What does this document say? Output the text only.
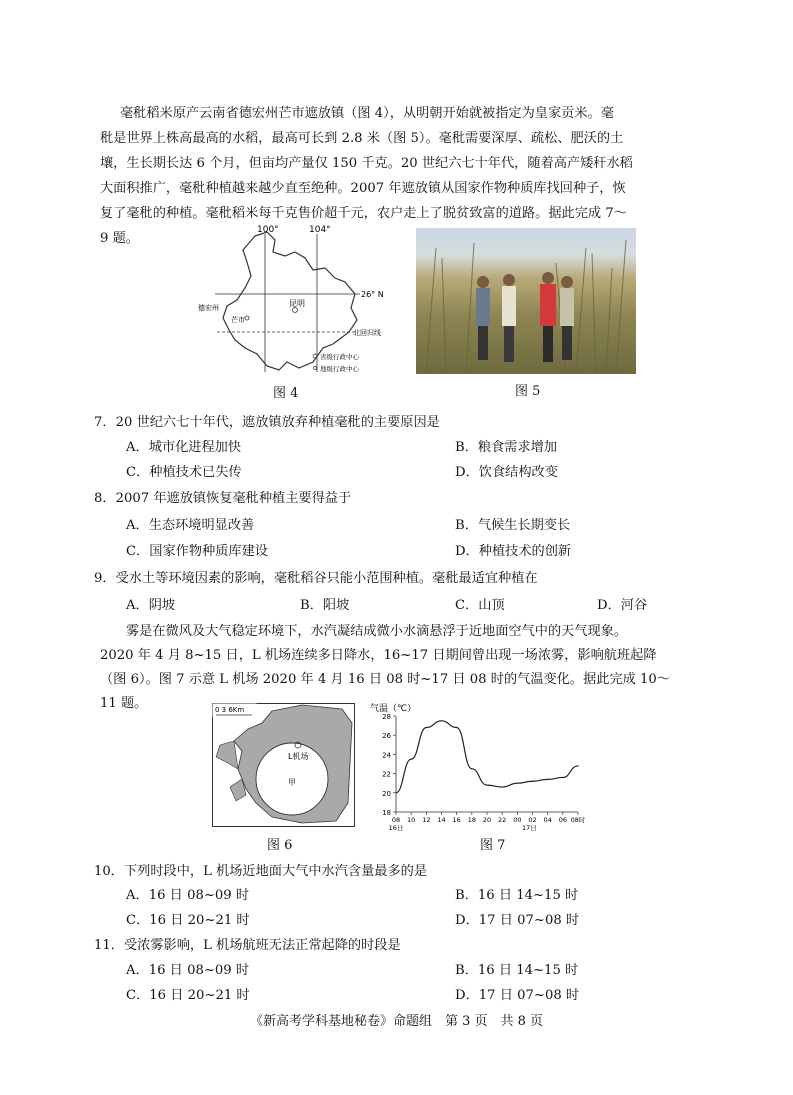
毫秕稻米原产云南省德宏州芒市遮放镇（图 4），从明朝开始就被指定为皇家贡米。毫
秕是世界上株高最高的水稻，最高可长到 2.8 米（图 5）。毫秕需要深厚、疏松、肥沃的土
壤，生长期长达 6 个月，但亩均产量仅 150 千克。20 世纪六七十年代，随着高产矮秆水稻
大面积推广，毫秕种植越来越少直至绝种。2007 年遮放镇从国家作物种质库找回种子，恢
复了毫秕的种植。毫秕稻米每千克售价超千元，农户走上了脱贫致富的道路。据此完成 7～
9 题。
100°	104°
26° N
昆明
德宏州
芒市
北回归线
省级行政中心
地级行政中心
图 4	图 5
7．20 世纪六七十年代，遮放镇放弃种植毫秕的主要原因是
A．城市化进程加快	B．粮食需求增加
C．种植技术已失传	D．饮食结构改变
8．2007 年遮放镇恢复毫秕种植主要得益于
A．生态环境明显改善	B．气候生长期变长
C．国家作物种质库建设	D．种植技术的创新
9．受水土等环境因素的影响，毫秕稻谷只能小范围种植。毫秕最适宜种植在
A．阴坡	B．阳坡	C．山顶	D．河谷
雾是在微风及大气稳定环境下，水汽凝结成微小水滴悬浮于近地面空气中的天气现象。
2020 年 4 月 8~15 日，L 机场连续多日降水，16~17 日期间曾出现一场浓雾，影响航班起降
（图 6）。图 7 示意 L 机场 2020 年 4 月 16 日 08 时~17 日 08 时的气温变化。据此完成 10～
11 题。	0 3 6Km
L机场
甲
图 6
气温（℃）
18
20
22
24
26
28
08 10 12 14 16 18 20 22 00 02 04 06 08时
16日	17日
图 7
10．下列时段中，L 机场近地面大气中水汽含量最多的是
A．16 日 08~09 时	B．16 日 14~15 时
C．16 日 20~21 时	D．17 日 07~08 时
11．受浓雾影响，L 机场航班无法正常起降的时段是
A．16 日 08~09 时	B．16 日 14~15 时
C．16 日 20~21 时	D．17 日 07~08 时
《新高考学科基地秘卷》命题组　第 3 页　共 8 页
